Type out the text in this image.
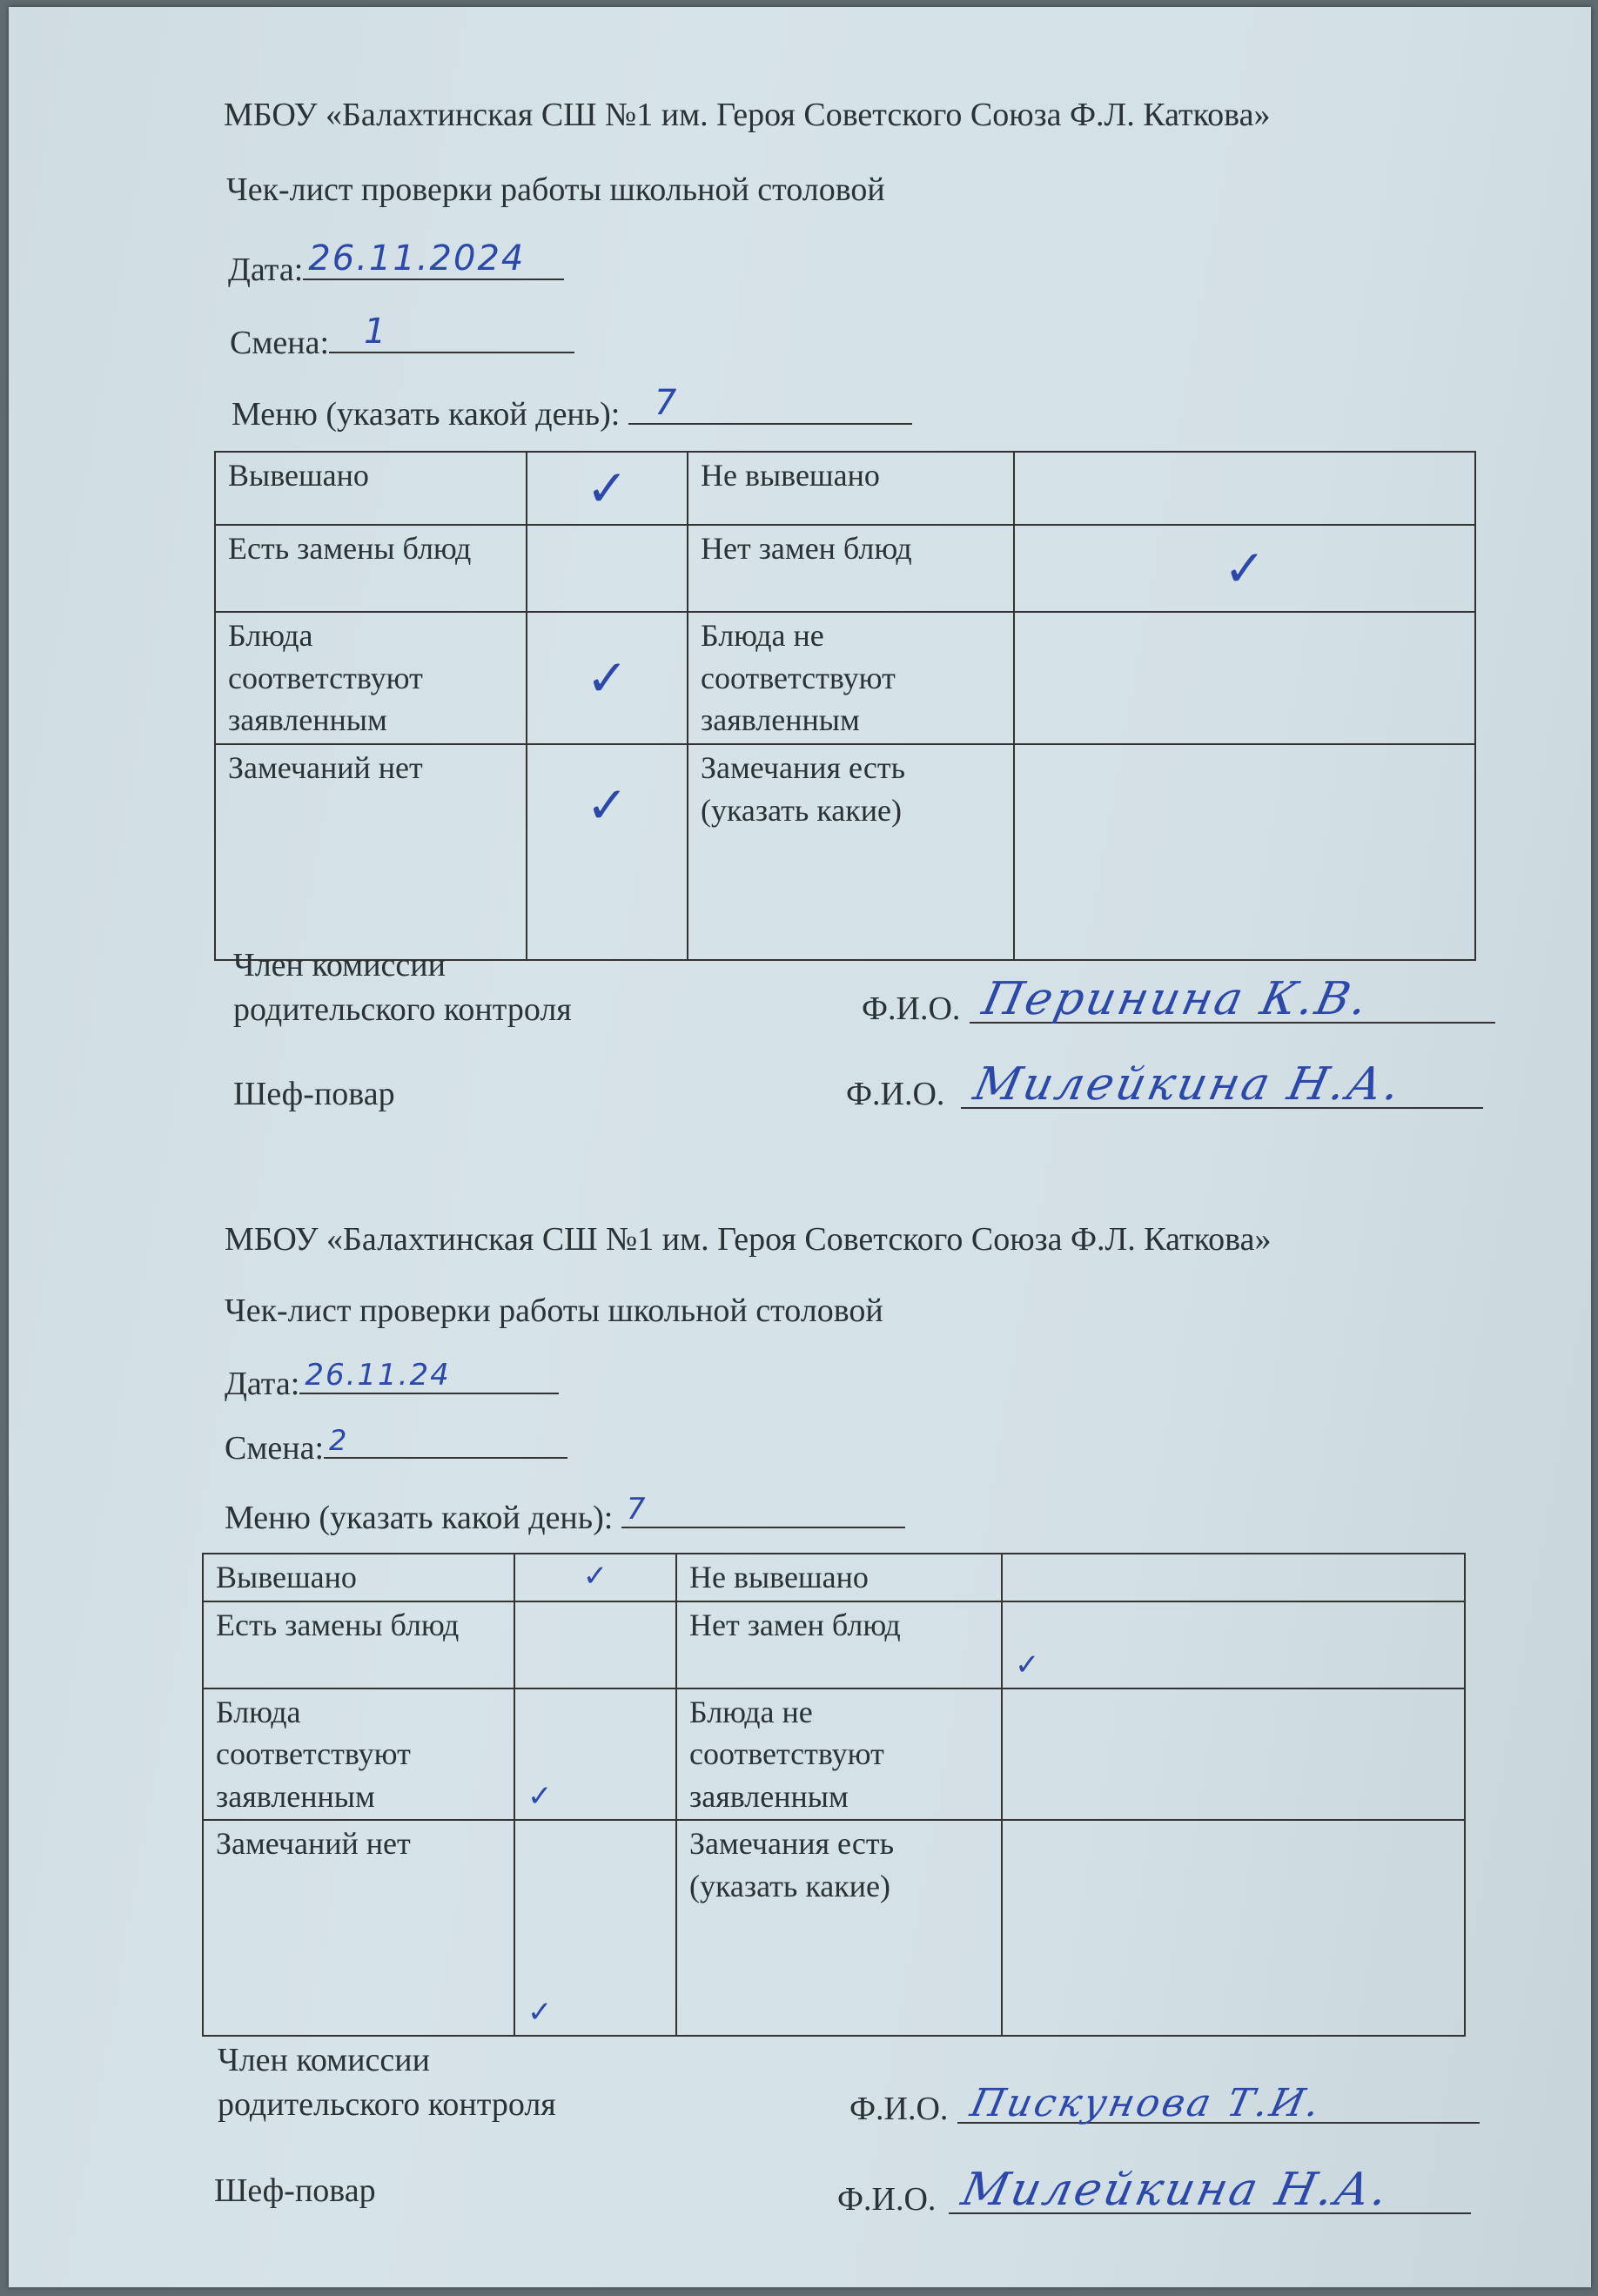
МБОУ «Балахтинская СШ №1 им. Героя Советского Союза Ф.Л. Каткова»
Чек-лист проверки работы школьной столовой
Дата: 26.11.2024
Смена: 1
Меню (указать какой день): 7
Вывешано	✓	Не вывешано	
Есть замены блюд		Нет замен блюд	✓
Блюда соответствуют заявленным	✓	Блюда не соответствуют заявленным	
Замечаний нет	✓	Замечания есть (указать какие)	
Член комиссии
родительского контроля	Ф.И.О. Перинина К.В.
Шеф-повар	Ф.И.О. Милейкина Н.А.
МБОУ «Балахтинская СШ №1 им. Героя Советского Союза Ф.Л. Каткова»
Чек-лист проверки работы школьной столовой
Дата: 26.11.24
Смена: 2
Меню (указать какой день): 7
Вывешано	✓	Не вывешано	
Есть замены блюд		Нет замен блюд	✓
Блюда соответствуют заявленным	✓	Блюда не соответствуют заявленным	
Замечаний нет	✓	Замечания есть (указать какие)	
Член комиссии
родительского контроля	Ф.И.О. Пискунова Т.И.
Шеф-повар	Ф.И.О. Милейкина Н.А.
